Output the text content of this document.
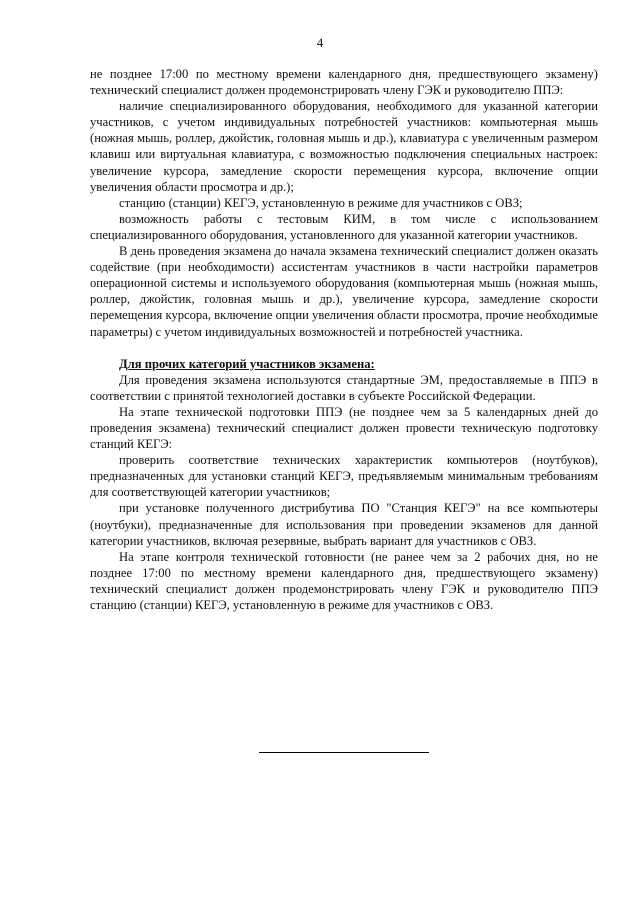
4

не позднее 17:00 по местному времени календарного дня, предшествующего экзамену) технический специалист должен продемонстрировать члену ГЭК и руководителю ППЭ:

наличие специализированного оборудования, необходимого для указанной категории участников, с учетом индивидуальных потребностей участников: компьютерная мышь (ножная мышь, роллер, джойстик, головная мышь и др.), клавиатура с увеличенным размером клавиш или виртуальная клавиатура, с возможностью подключения специальных настроек: увеличение курсора, замедление скорости перемещения курсора, включение опции увеличения области просмотра и др.);

станцию (станции) КЕГЭ, установленную в режиме для участников с ОВЗ;

возможность работы с тестовым КИМ, в том числе с использованием специализированного оборудования, установленного для указанной категории участников.

В день проведения экзамена до начала экзамена технический специалист должен оказать содействие (при необходимости) ассистентам участников в части настройки параметров операционной системы и используемого оборудования (компьютерная мышь (ножная мышь, роллер, джойстик, головная мышь и др.), увеличение курсора, замедление скорости перемещения курсора, включение опции увеличения области просмотра, прочие необходимые параметры) с учетом индивидуальных возможностей и потребностей участника.

Для прочих категорий участников экзамена:

Для проведения экзамена используются стандартные ЭМ, предоставляемые в ППЭ в соответствии с принятой технологией доставки в субъекте Российской Федерации.

На этапе технической подготовки ППЭ (не позднее чем за 5 календарных дней до проведения экзамена) технический специалист должен провести техническую подготовку станций КЕГЭ:

проверить соответствие технических характеристик компьютеров (ноутбуков), предназначенных для установки станций КЕГЭ, предъявляемым минимальным требованиям для соответствующей категории участников;

при установке полученного дистрибутива ПО "Станция КЕГЭ" на все компьютеры (ноутбуки), предназначенные для использования при проведении экзаменов для данной категории участников, включая резервные, выбрать вариант для участников с ОВЗ.

На этапе контроля технической готовности (не ранее чем за 2 рабочих дня, но не позднее 17:00 по местному времени календарного дня, предшествующего экзамену) технический специалист должен продемонстрировать члену ГЭК и руководителю ППЭ станцию (станции) КЕГЭ, установленную в режиме для участников с ОВЗ.
